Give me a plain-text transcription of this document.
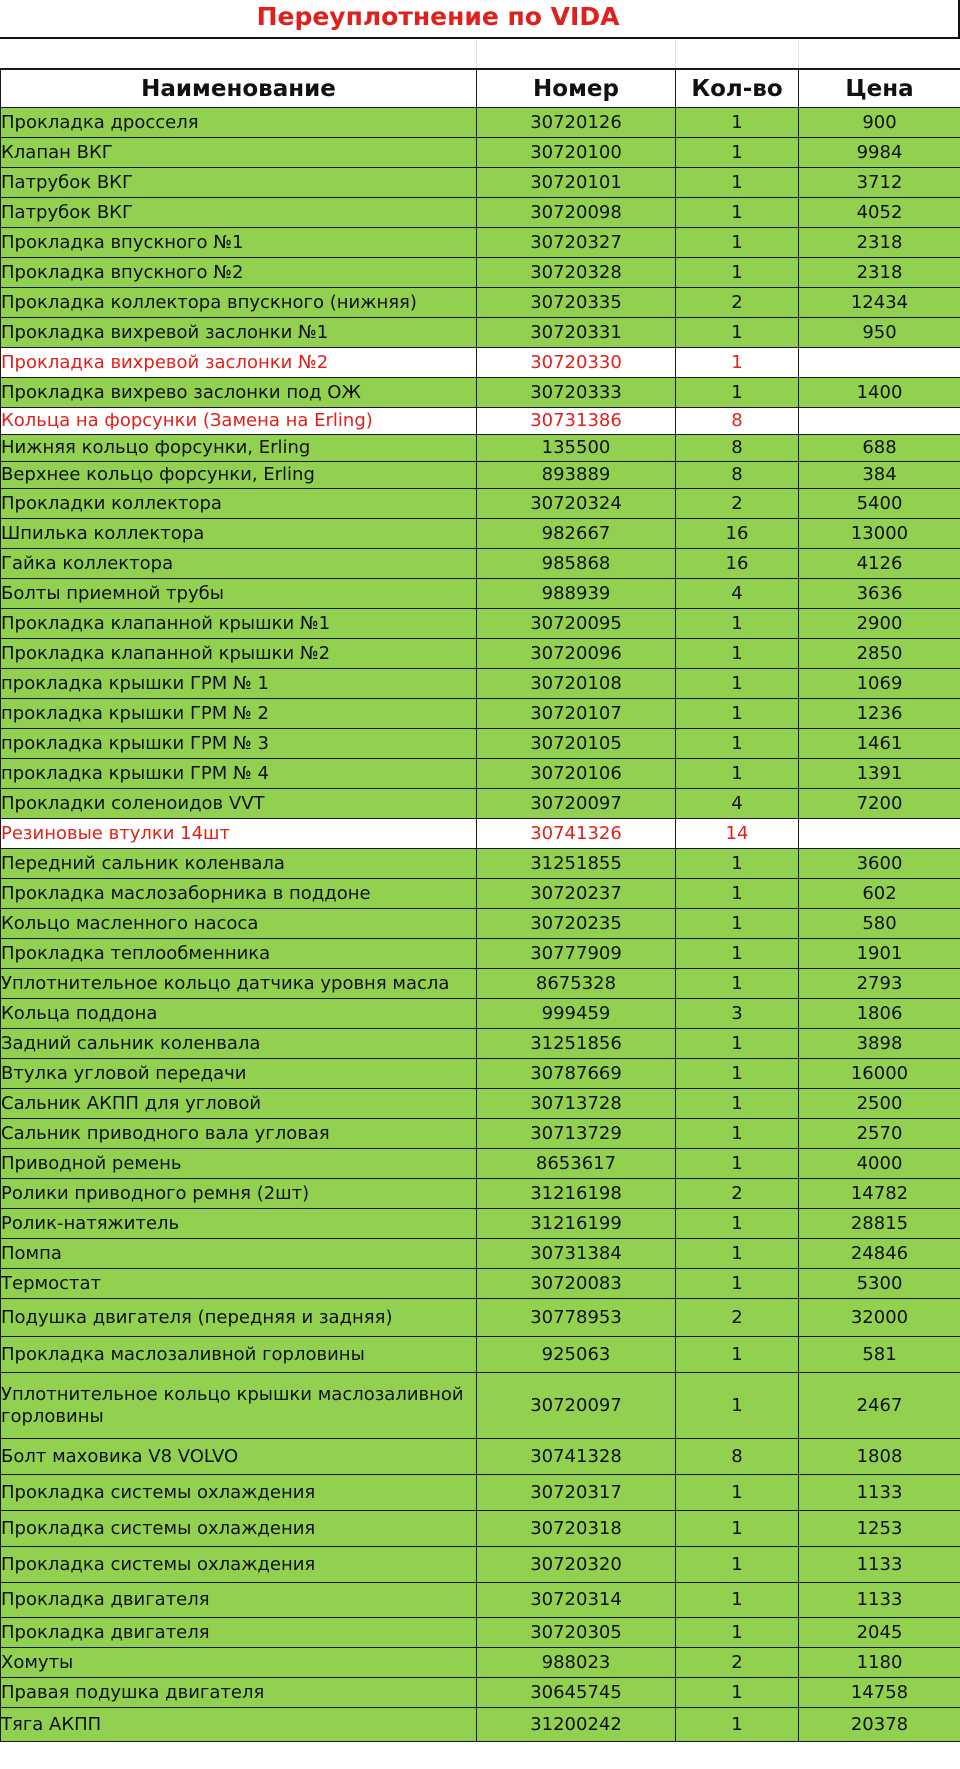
Переуплотнение по VIDA
Наименование	Номер	Кол-во	Цена
Прокладка дросселя	30720126	1	900
Клапан ВКГ	30720100	1	9984
Патрубок ВКГ	30720101	1	3712
Патрубок ВКГ	30720098	1	4052
Прокладка впускного №1	30720327	1	2318
Прокладка впускного №2	30720328	1	2318
Прокладка коллектора впускного (нижняя)	30720335	2	12434
Прокладка вихревой заслонки №1	30720331	1	950
Прокладка вихревой заслонки №2	30720330	1	
Прокладка вихрево заслонки под ОЖ	30720333	1	1400
Кольца на форсунки (Замена на Erling)	30731386	8	
Нижняя кольцо форсунки, Erling	135500	8	688
Верхнее кольцо форсунки, Erling	893889	8	384
Прокладки коллектора	30720324	2	5400
Шпилька коллектора	982667	16	13000
Гайка коллектора	985868	16	4126
Болты приемной трубы	988939	4	3636
Прокладка клапанной крышки №1	30720095	1	2900
Прокладка клапанной крышки №2	30720096	1	2850
прокладка крышки ГРМ № 1	30720108	1	1069
прокладка крышки ГРМ № 2	30720107	1	1236
прокладка крышки ГРМ № 3	30720105	1	1461
прокладка крышки ГРМ № 4	30720106	1	1391
Прокладки соленоидов VVT	30720097	4	7200
Резиновые втулки 14шт	30741326	14	
Передний сальник коленвала	31251855	1	3600
Прокладка маслозаборника в поддоне	30720237	1	602
Кольцо масленного насоса	30720235	1	580
Прокладка теплообменника	30777909	1	1901
Уплотнительное кольцо датчика уровня масла	8675328	1	2793
Кольца поддона	999459	3	1806
Задний сальник коленвала	31251856	1	3898
Втулка угловой передачи	30787669	1	16000
Сальник АКПП для угловой	30713728	1	2500
Сальник приводного вала угловая	30713729	1	2570
Приводной ремень	8653617	1	4000
Ролики приводного ремня (2шт)	31216198	2	14782
Ролик-натяжитель	31216199	1	28815
Помпа	30731384	1	24846
Термостат	30720083	1	5300
Подушка двигателя (передняя и задняя)	30778953	2	32000
Прокладка маслозаливной горловины	925063	1	581
Уплотнительное кольцо крышки маслозаливной горловины	30720097	1	2467
Болт маховика V8 VOLVO	30741328	8	1808
Прокладка системы охлаждения	30720317	1	1133
Прокладка системы охлаждения	30720318	1	1253
Прокладка системы охлаждения	30720320	1	1133
Прокладка двигателя	30720314	1	1133
Прокладка двигателя	30720305	1	2045
Хомуты	988023	2	1180
Правая подушка двигателя	30645745	1	14758
Тяга АКПП	31200242	1	20378
